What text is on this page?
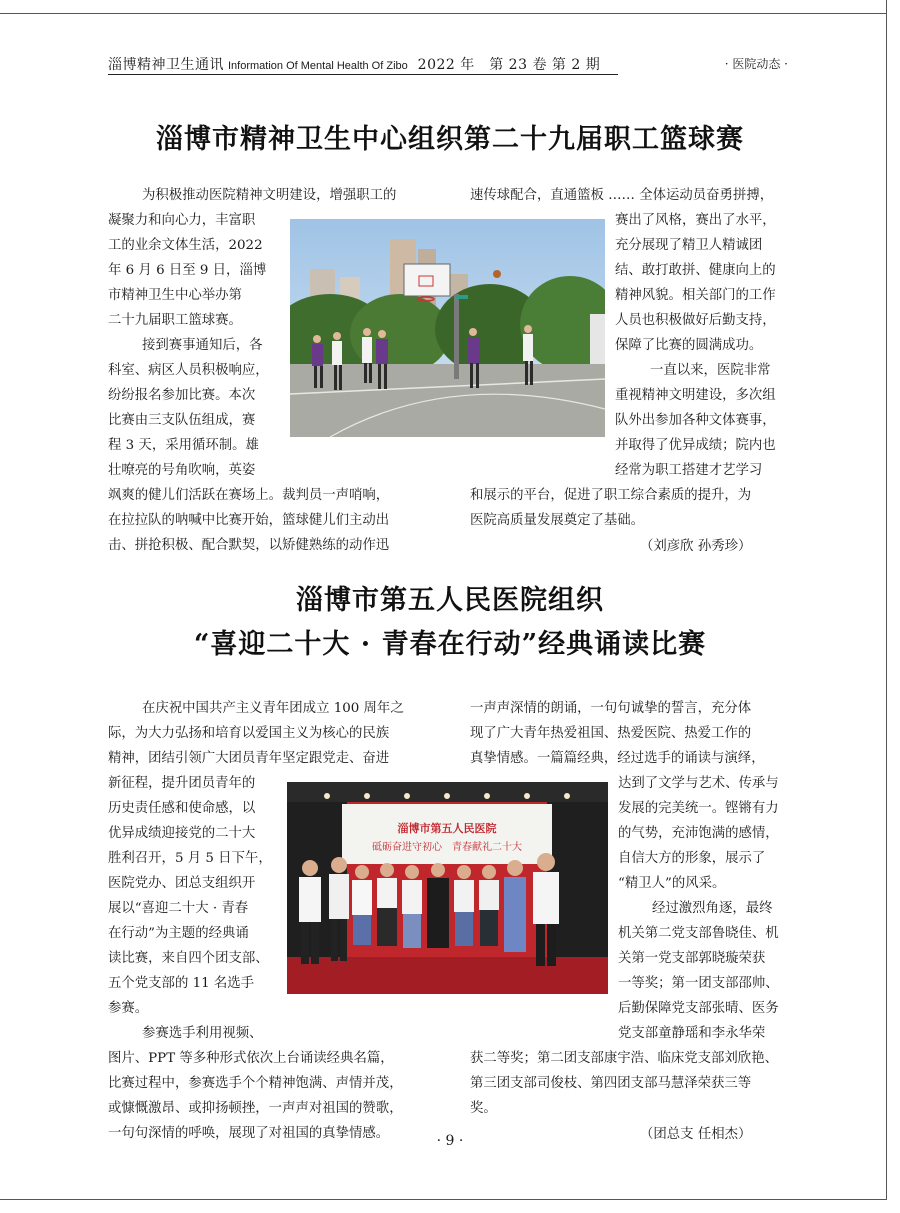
淄博精神卫生通讯 Information Of Mental Health Of Zibo 2022 年　第 23 卷 第 2 期	· 医院动态 ·
淄博市精神卫生中心组织第二十九届职工篮球赛
为积极推动医院精神文明建设，增强职工的
凝聚力和向心力，丰富职
工的业余文体生活，2022
年 6 月 6 日至 9 日，淄博
市精神卫生中心举办第
二十九届职工篮球赛。
接到赛事通知后，各
科室、病区人员积极响应，
纷纷报名参加比赛。本次
比赛由三支队伍组成，赛
程 3 天，采用循环制。雄
壮嘹亮的号角吹响，英姿
飒爽的健儿们活跃在赛场上。裁判员一声哨响，
在拉拉队的呐喊中比赛开始，篮球健儿们主动出
击、拼抢积极、配合默契，以矫健熟练的动作迅
速传球配合，直通篮板 …… 全体运动员奋勇拼搏，
赛出了风格，赛出了水平，
充分展现了精卫人精诚团
结、敢打敢拼、健康向上的
精神风貌。相关部门的工作
人员也积极做好后勤支持，
保障了比赛的圆满成功。
一直以来，医院非常
重视精神文明建设，多次组
队外出参加各种文体赛事，
并取得了优异成绩；院内也
经常为职工搭建才艺学习
和展示的平台，促进了职工综合素质的提升，为
医院高质量发展奠定了基础。
（刘彦欣 孙秀珍）
淄博市第五人民医院组织
“喜迎二十大 · 青春在行动”经典诵读比赛
在庆祝中国共产主义青年团成立 100 周年之
际，为大力弘扬和培育以爱国主义为核心的民族
精神，团结引领广大团员青年坚定跟党走、奋进
新征程，提升团员青年的
历史责任感和使命感，以
优异成绩迎接党的二十大
胜利召开，5 月 5 日下午，
医院党办、团总支组织开
展以“喜迎二十大 · 青春
在行动”为主题的经典诵
读比赛，来自四个团支部、
五个党支部的 11 名选手
参赛。
参赛选手利用视频、
图片、PPT 等多种形式依次上台诵读经典名篇，
比赛过程中，参赛选手个个精神饱满、声情并茂，
或慷慨激昂、或抑扬顿挫，一声声对祖国的赞歌，
一句句深情的呼唤，展现了对祖国的真挚情感。
一声声深情的朗诵，一句句诚挚的誓言，充分体
现了广大青年热爱祖国、热爱医院、热爱工作的
真挚情感。一篇篇经典，经过选手的诵读与演绎，
达到了文学与艺术、传承与
发展的完美统一。铿锵有力
的气势，充沛饱满的感情，
自信大方的形象，展示了
“精卫人”的风采。
经过激烈角逐，最终
机关第二党支部鲁晓佳、机
关第一党支部郭晓璇荣获
一等奖；第一团支部邵帅、
后勤保障党支部张晴、医务
党支部童静瑶和李永华荣
获二等奖；第二团支部康宇浩、临床党支部刘欣艳、
第三团支部司俊枝、第四团支部马慧泽荣获三等
奖。
（团总支 任相杰）
淄博市第五人民医院
砥砺奋进守初心　青春献礼二十大
· 9 ·
